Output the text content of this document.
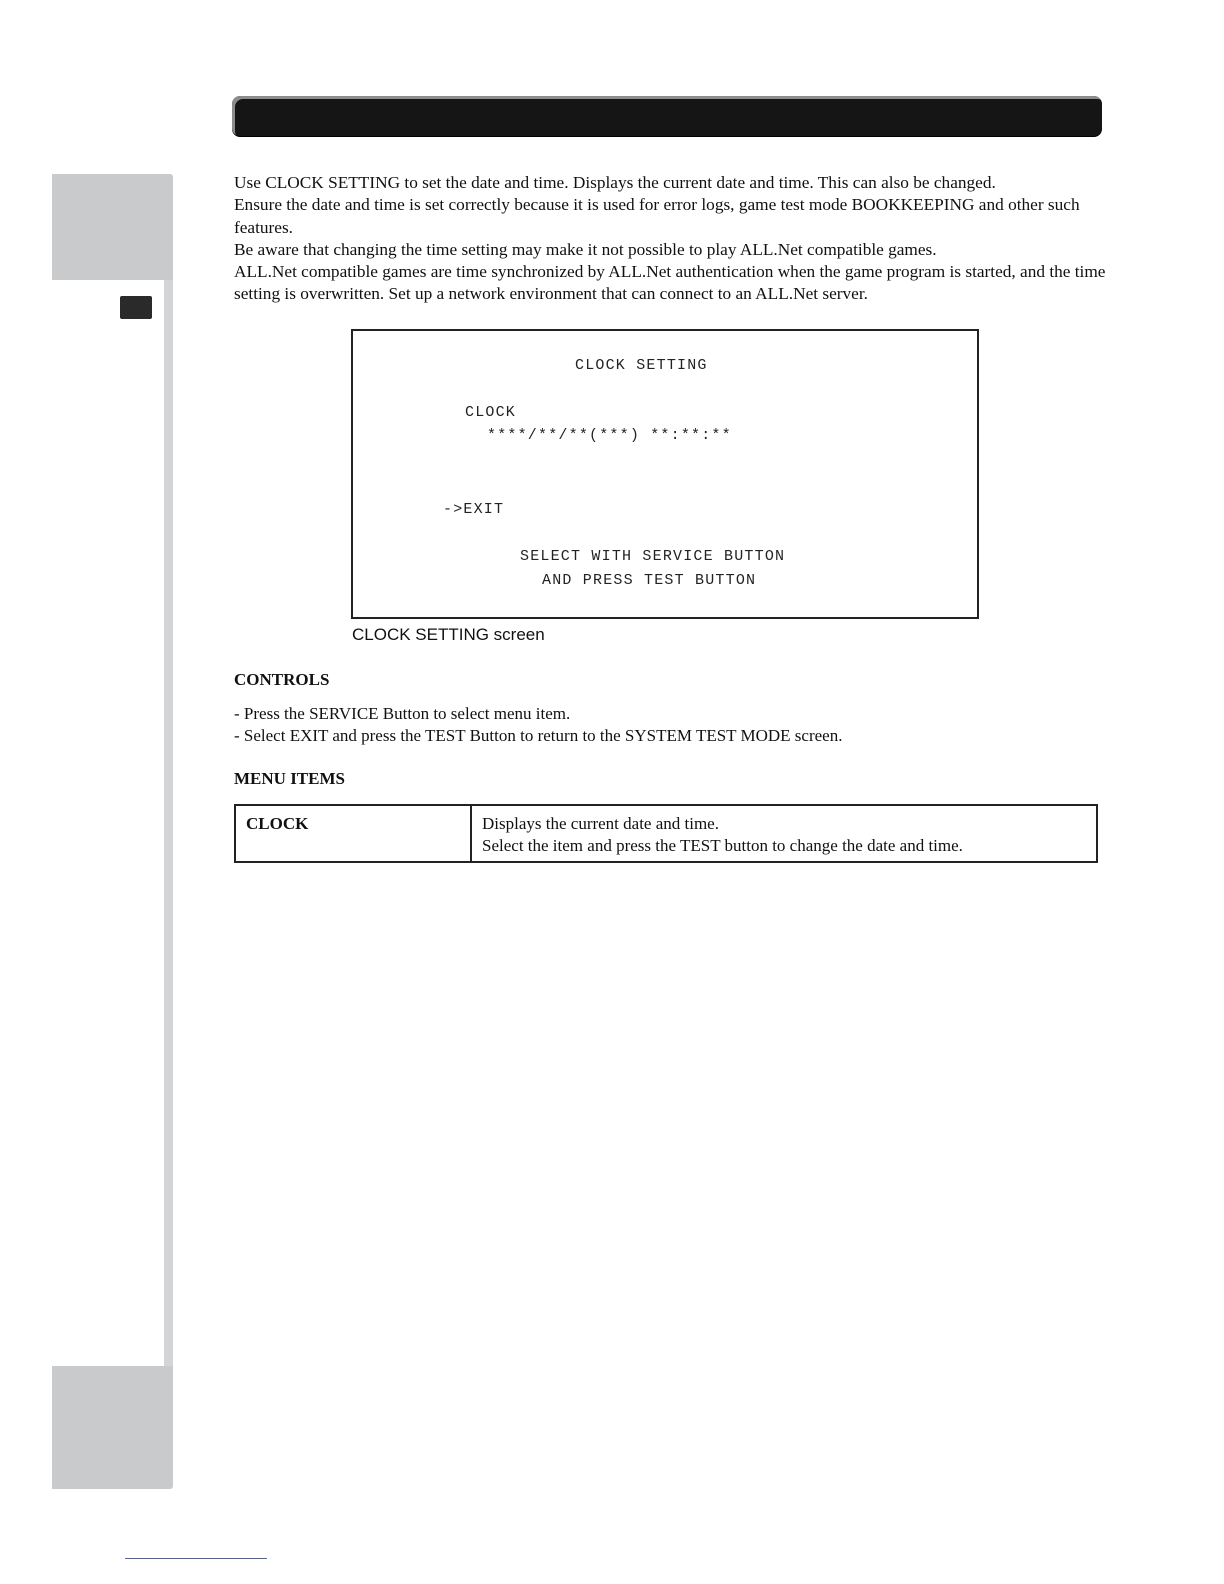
Use CLOCK SETTING to set the date and time. Displays the current date and time. This can also be changed.

Ensure the date and time is set correctly because it is used for error logs, game test mode BOOKKEEPING and other such features.

Be aware that changing the time setting may make it not possible to play ALL.Net compatible games.

ALL.Net compatible games are time synchronized by ALL.Net authentication when the game program is started, and the time setting is overwritten. Set up a network environment that can connect to an ALL.Net server.

CLOCK SETTING
CLOCK
****/**/**(***) **:**:**
->EXIT
SELECT WITH SERVICE BUTTON
AND PRESS TEST BUTTON
CLOCK SETTING screen
CONTROLS

- Press the SERVICE Button to select menu item.

- Select EXIT and press the TEST Button to return to the SYSTEM TEST MODE screen.

MENU ITEMS
CLOCK	Displays the current date and time.

Select the item and press the TEST button to change the date and time.
